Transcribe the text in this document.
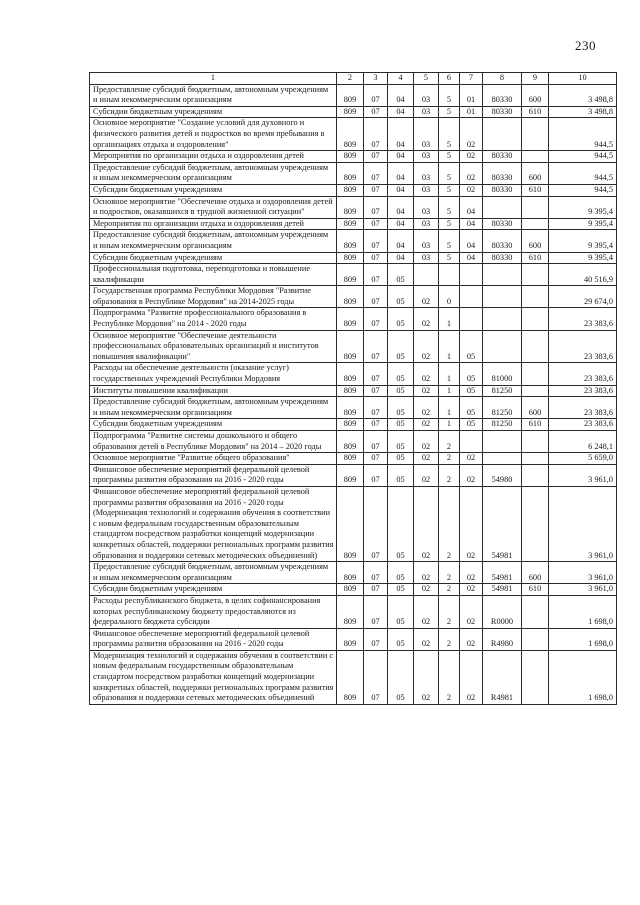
230
1	2	3	4	5	6	7	8	9	10
Предоставление субсидий бюджетным, автономным учреждениям и иным некоммерческим организациям	809	07	04	03	5	01	80330	600	3 498,8
Субсидии бюджетным учреждениям	809	07	04	03	5	01	80330	610	3 498,8
Основное мероприятие "Создание условий для духовного и физического развития детей и подростков во время пребывания в организациях отдыха и оздоровления"	809	07	04	03	5	02			944,5
Мероприятия по организации отдыха и оздоровления детей	809	07	04	03	5	02	80330		944,5
Предоставление субсидий бюджетным, автономным учреждениям и иным некоммерческим организациям	809	07	04	03	5	02	80330	600	944,5
Субсидии бюджетным учреждениям	809	07	04	03	5	02	80330	610	944,5
Основное мероприятие "Обеспечение отдыха и оздоровления детей и подростков, оказавшихся в трудной жизненной ситуации"	809	07	04	03	5	04			9 395,4
Мероприятия по организации отдыха и оздоровления детей	809	07	04	03	5	04	80330		9 395,4
Предоставление субсидий бюджетным, автономным учреждениям и иным некоммерческим организациям	809	07	04	03	5	04	80330	600	9 395,4
Субсидии бюджетным учреждениям	809	07	04	03	5	04	80330	610	9 395,4
Профессиональная подготовка, переподготовка и повышение квалификации	809	07	05						40 516,9
Государственная программа Республики Мордовия "Развитие образования в Республике Мордовия" на 2014-2025 годы	809	07	05	02	0				29 674,0
Подпрограмма "Развитие профессионального образования в Республике Мордовия" на 2014 - 2020 годы	809	07	05	02	1				23 383,6
Основное мероприятие "Обеспечение деятельности профессиональных образовательных организаций и институтов повышения квалификации"	809	07	05	02	1	05			23 383,6
Расходы на обеспечение деятельности (оказание услуг) государственных учреждений Республики Мордовия	809	07	05	02	1	05	81000		23 383,6
Институты повышения квалификации	809	07	05	02	1	05	81250		23 383,6
Предоставление субсидий бюджетным, автономным учреждениям и иным некоммерческим организациям	809	07	05	02	1	05	81250	600	23 383,6
Субсидии бюджетным учреждениям	809	07	05	02	1	05	81250	610	23 383,6
Подпрограмма "Развитие системы дошкольного и общего образования детей в Республике Мордовия" на 2014 – 2020 годы	809	07	05	02	2				6 248,1
Основное мероприятие "Развитие общего образования"	809	07	05	02	2	02			5 659,0
Финансовое обеспечение мероприятий федеральной целевой программы развития образования на 2016 - 2020 годы	809	07	05	02	2	02	54980		3 961,0
Финансовое обеспечение мероприятий федеральной целевой программы развития образования на 2016 - 2020 годы (Модернизация технологий и содержания обучения в соответствии с новым федеральным государственным образовательным стандартом посредством разработки концепций модернизации конкретных областей, поддержки региональных программ развития образования и поддержки сетевых методических объединений)	809	07	05	02	2	02	54981		3 961,0
Предоставление субсидий бюджетным, автономным учреждениям и иным некоммерческим организациям	809	07	05	02	2	02	54981	600	3 961,0
Субсидии бюджетным учреждениям	809	07	05	02	2	02	54981	610	3 961,0
Расходы республиканского бюджета, в целях софинансирования которых республиканскому бюджету предоставляются из федерального бюджета субсидии	809	07	05	02	2	02	R0000		1 698,0
Финансовое обеспечение мероприятий федеральной целевой программы развития образования на 2016 - 2020 годы	809	07	05	02	2	02	R4980		1 698,0
Модернизация технологий и содержания обучения в соответствии с новым федеральным государственным образовательным стандартом посредством разработки концепций модернизации конкретных областей, поддержки региональных программ развития образования и поддержки сетевых методических объединений	809	07	05	02	2	02	R4981		1 698,0
